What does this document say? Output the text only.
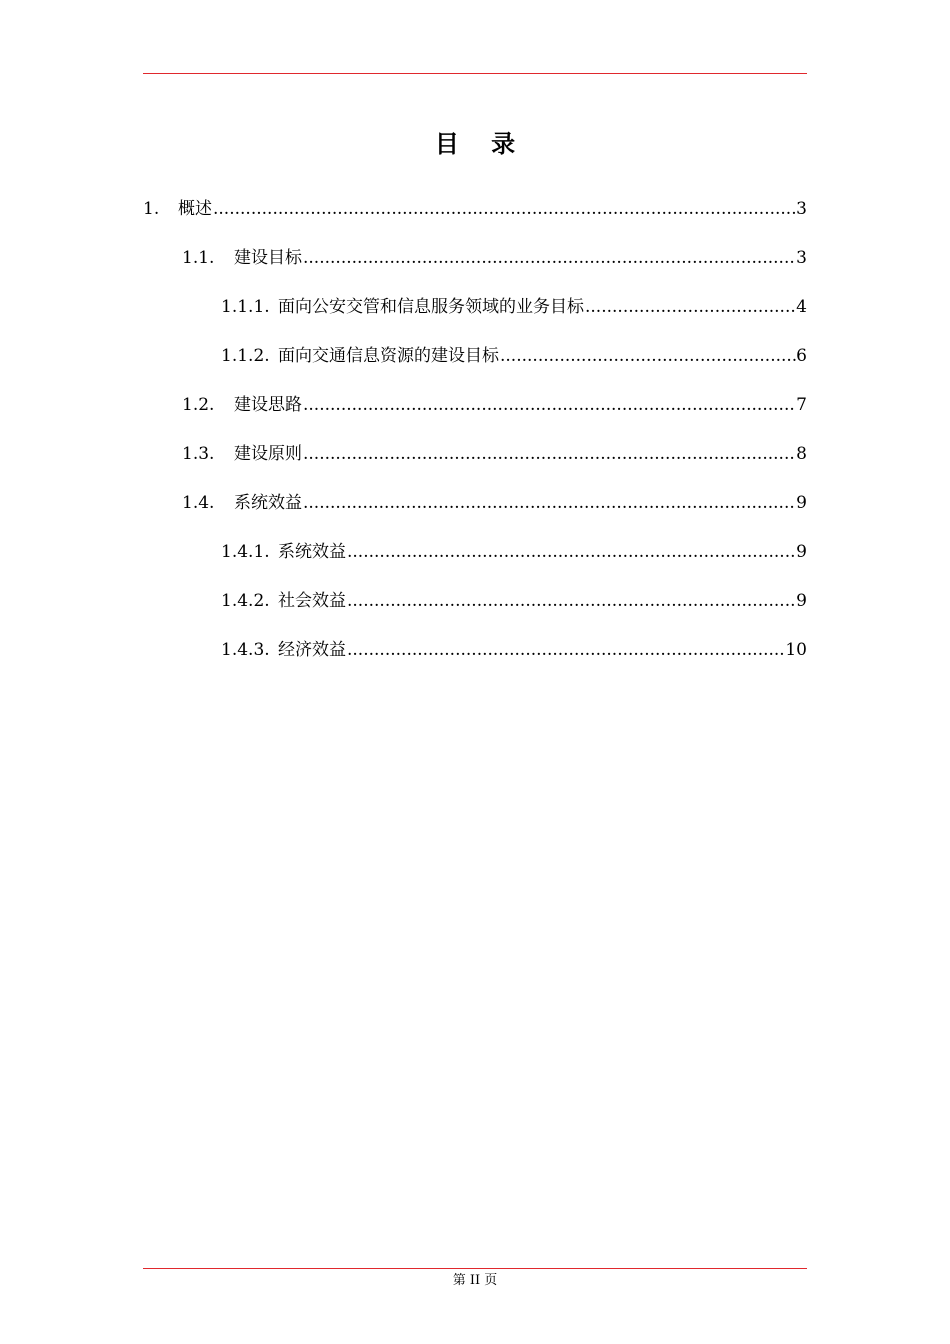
目 录
1.	概述 .....	3
1.1.	建设目标 .....	3
1.1.1. 面向公安交管和信息服务领域的业务目标 .....	4
1.1.2. 面向交通信息资源的建设目标 .....	6
1.2.	建设思路 .....	7
1.3.	建设原则 .....	8
1.4.	系统效益 .....	9
1.4.1. 系统效益 .....	9
1.4.2. 社会效益 .....	9
1.4.3. 经济效益 .....	10
第 II 页
